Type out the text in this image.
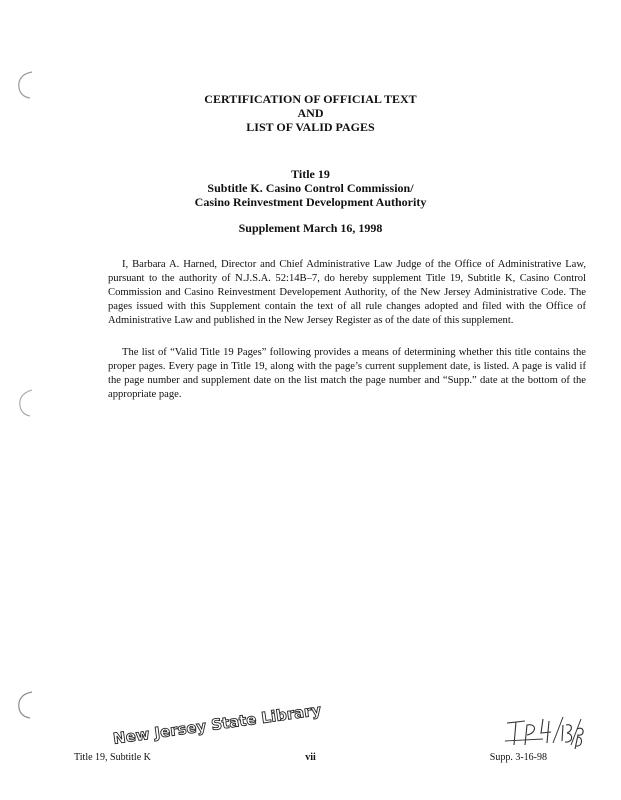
CERTIFICATION OF OFFICIAL TEXT
AND
LIST OF VALID PAGES
Title 19
Subtitle K. Casino Control Commission/
Casino Reinvestment Development Authority
Supplement March 16, 1998

I, Barbara A. Harned, Director and Chief Administrative Law Judge of the Office of Administrative Law, pursuant to the authority of N.J.S.A. 52:14B–7, do hereby supplement Title 19, Subtitle K, Casino Control Commission and Casino Reinvestment Developement Authority, of the New Jersey Administrative Code. The pages issued with this Supplement contain the text of all rule changes adopted and filed with the Office of Administrative Law and published in the New Jersey Register as of the date of this supplement.

The list of “Valid Title 19 Pages” following provides a means of determining whether this title contains the proper pages. Every page in Title 19, along with the page’s current supplement date, is listed. A page is valid if the page number and supplement date on the list match the page number and “Supp.” date at the bottom of the appropriate page.

New Jersey State Library
Title 19, Subtitle K	vii	Supp. 3-16-98
